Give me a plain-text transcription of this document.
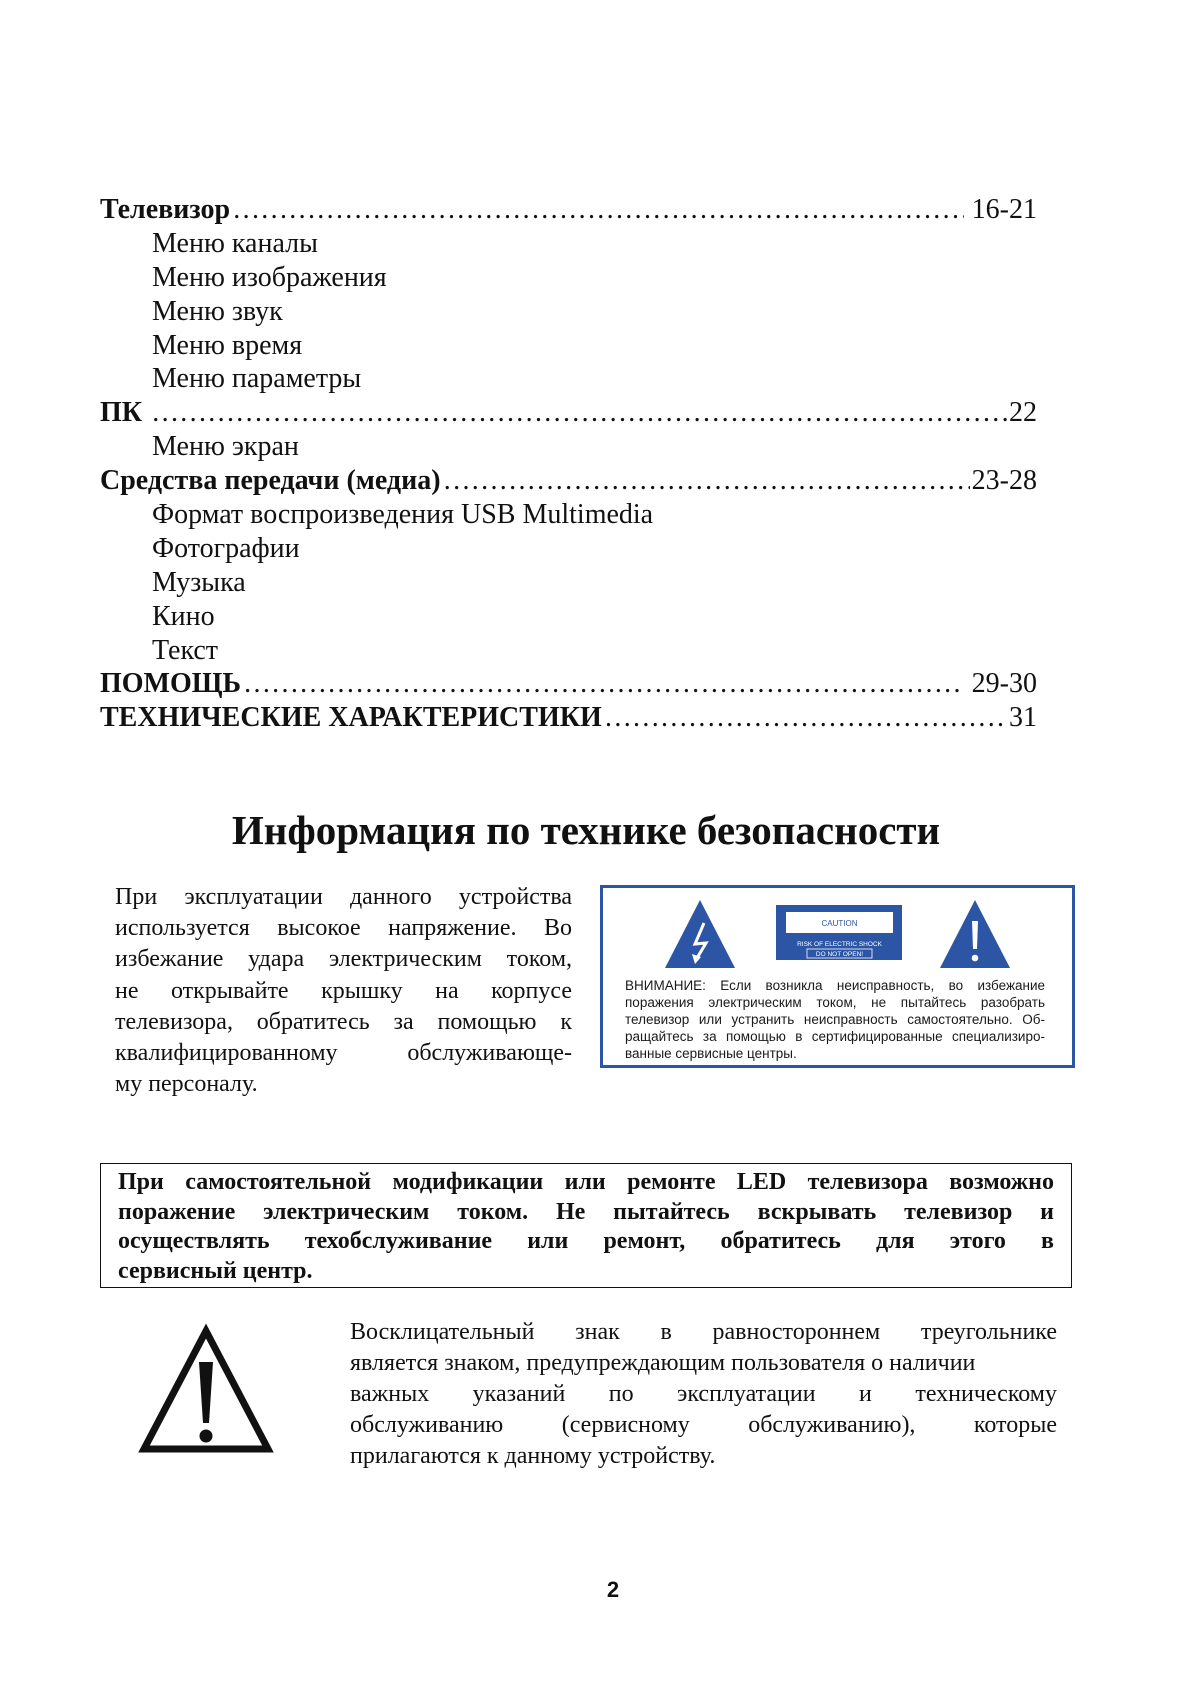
Телевизор ……………………………………………………………………………………………………………………………………………………	16-21
Меню каналы
Меню изображения
Меню звук
Меню время
Меню параметры
ПК ……………………………………………………………………………………………………………………………………………………	22
Меню экран
Средства передачи (медиа) ……………………………………………………………………………………………………………………………………………………	23-28
Формат воспроизведения USB Multimedia
Фотографии
Музыка
Кино
Текст
ПОМОЩЬ ……………………………………………………………………………………………………………………………………………………	29-30
ТЕХНИЧЕСКИЕ ХАРАКТЕРИСТИКИ ……………………………………………………………………………………………………………………………………………………	31
Информация по технике безопасности
При эксплуатации данного устройства
используется высокое напряжение. Во
избежание удара электрическим током,
не открывайте крышку на корпусе
телевизора, обратитесь за помощью к
квалифицированному обслуживающе-
му персоналу.
CAUTION
RISK OF ELECTRIC SHOCK
DO NOT OPEN!
ВНИМАНИЕ: Если возникла неисправность, во избежание
поражения электрическим током, не пытайтесь разобрать
телевизор или устранить неисправность самостоятельно. Об-
ращайтесь за помощью в сертифицированные специализиро-
ванные сервисные центры.
При самостоятельной модификации или ремонте LED телевизора возможно
поражение электрическим током. Не пытайтесь вскрывать телевизор и
осуществлять техобслуживание или ремонт, обратитесь для этого в
сервисный центр.
Восклицательный знак в равностороннем треугольнике
является знаком, предупреждающим пользователя о наличии
важных указаний по эксплуатации и техническому
обслуживанию (сервисному обслуживанию), которые
прилагаются к данному устройству.
2
